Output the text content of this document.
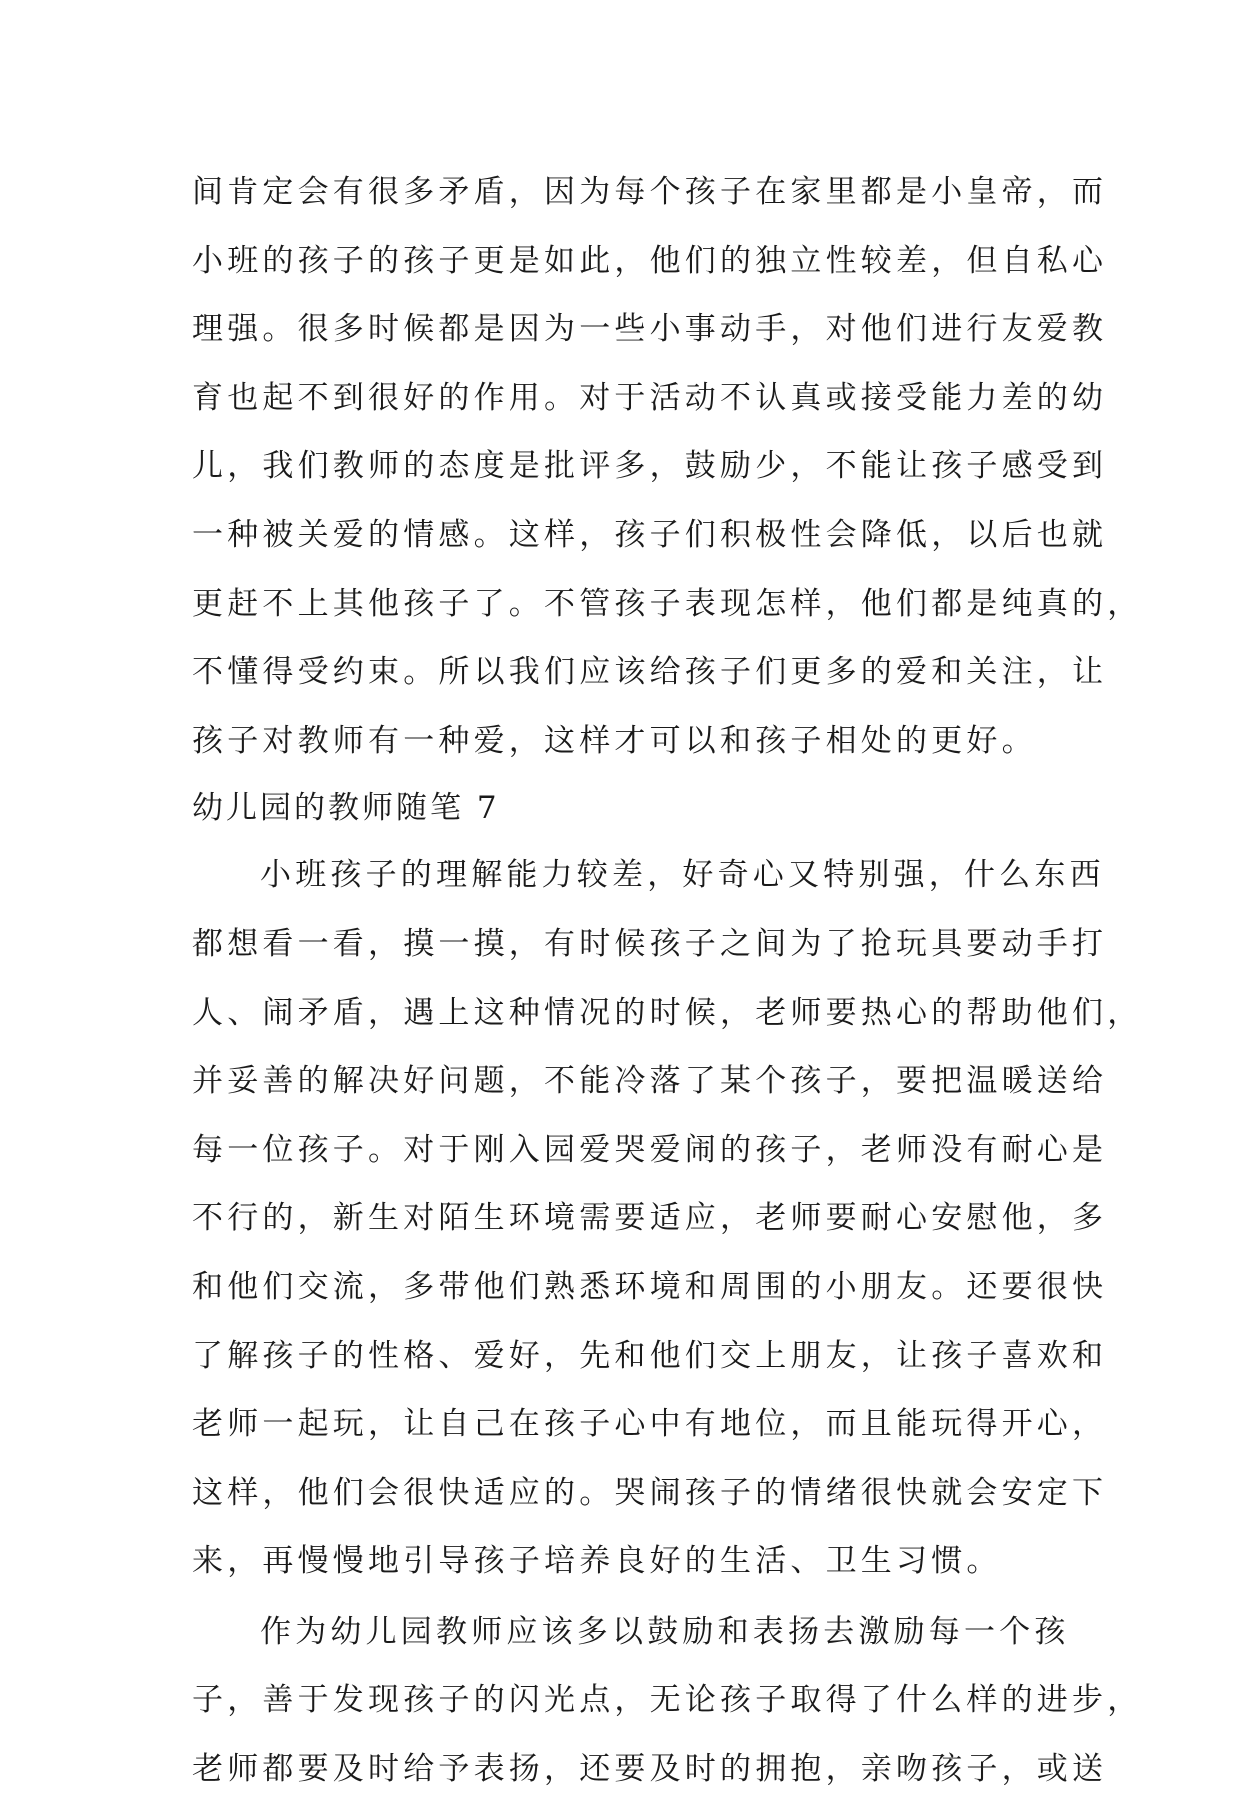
间肯定会有很多矛盾，因为每个孩子在家里都是小皇帝，而
小班的孩子的孩子更是如此，他们的独立性较差，但自私心
理强。很多时候都是因为一些小事动手，对他们进行友爱教
育也起不到很好的作用。对于活动不认真或接受能力差的幼
儿，我们教师的态度是批评多，鼓励少，不能让孩子感受到
一种被关爱的情感。这样，孩子们积极性会降低，以后也就
更赶不上其他孩子了。不管孩子表现怎样，他们都是纯真的，
不懂得受约束。所以我们应该给孩子们更多的爱和关注，让
孩子对教师有一种爱，这样才可以和孩子相处的更好。
幼儿园的教师随笔 7
小班孩子的理解能力较差，好奇心又特别强，什么东西
都想看一看，摸一摸，有时候孩子之间为了抢玩具要动手打
人、闹矛盾，遇上这种情况的时候，老师要热心的帮助他们，
并妥善的解决好问题，不能冷落了某个孩子，要把温暖送给
每一位孩子。对于刚入园爱哭爱闹的孩子，老师没有耐心是
不行的，新生对陌生环境需要适应，老师要耐心安慰他，多
和他们交流，多带他们熟悉环境和周围的小朋友。还要很快
了解孩子的性格、爱好，先和他们交上朋友，让孩子喜欢和
老师一起玩，让自己在孩子心中有地位，而且能玩得开心，
这样，他们会很快适应的。哭闹孩子的情绪很快就会安定下
来，再慢慢地引导孩子培养良好的生活、卫生习惯。
作为幼儿园教师应该多以鼓励和表扬去激励每一个孩
子，善于发现孩子的闪光点，无论孩子取得了什么样的进步，
老师都要及时给予表扬，还要及时的拥抱，亲吻孩子，或送
